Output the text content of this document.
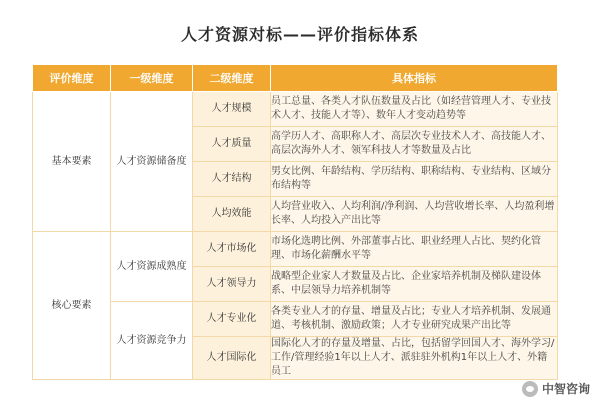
人才资源对标——评价指标体系
评价维度	一级维度	二级维度	具体指标
基本要素	人才资源储备度	人才规模	员工总量、各类人才队伍数量及占比（如经营管理人才、专业技术人才、技能人才等）、数年人才变动趋势等
		人才质量	高学历人才、高职称人才、高层次专业技术人才、高技能人才、高层次海外人才、领军科技人才等数量及占比
		人才结构	男女比例、年龄结构、学历结构、职称结构、专业结构、区域分布结构等
		人均效能	人均营业收入、人均利润/净利润、人均营收增长率、人均盈利增长率、人均投入产出比等
核心要素	人才资源成熟度	人才市场化	市场化选聘比例、外部董事占比、职业经理人占比、契约化管理、市场化薪酬水平等
		人才领导力	战略型企业家人才数量及占比、企业家培养机制及梯队建设体系、中层领导力培养机制等
	人才资源竞争力	人才专业化	各类专业人才的存量、增量及占比；专业人才培养机制、发展通道、考核机制、激励政策；人才专业研究成果产出比等
		人才国际化	国际化人才的存量及增量、占比，包括留学回国人才、海外学习/工作/管理经验1年以上人才、派驻驻外机构1年以上人才、外籍员工
中智咨询
